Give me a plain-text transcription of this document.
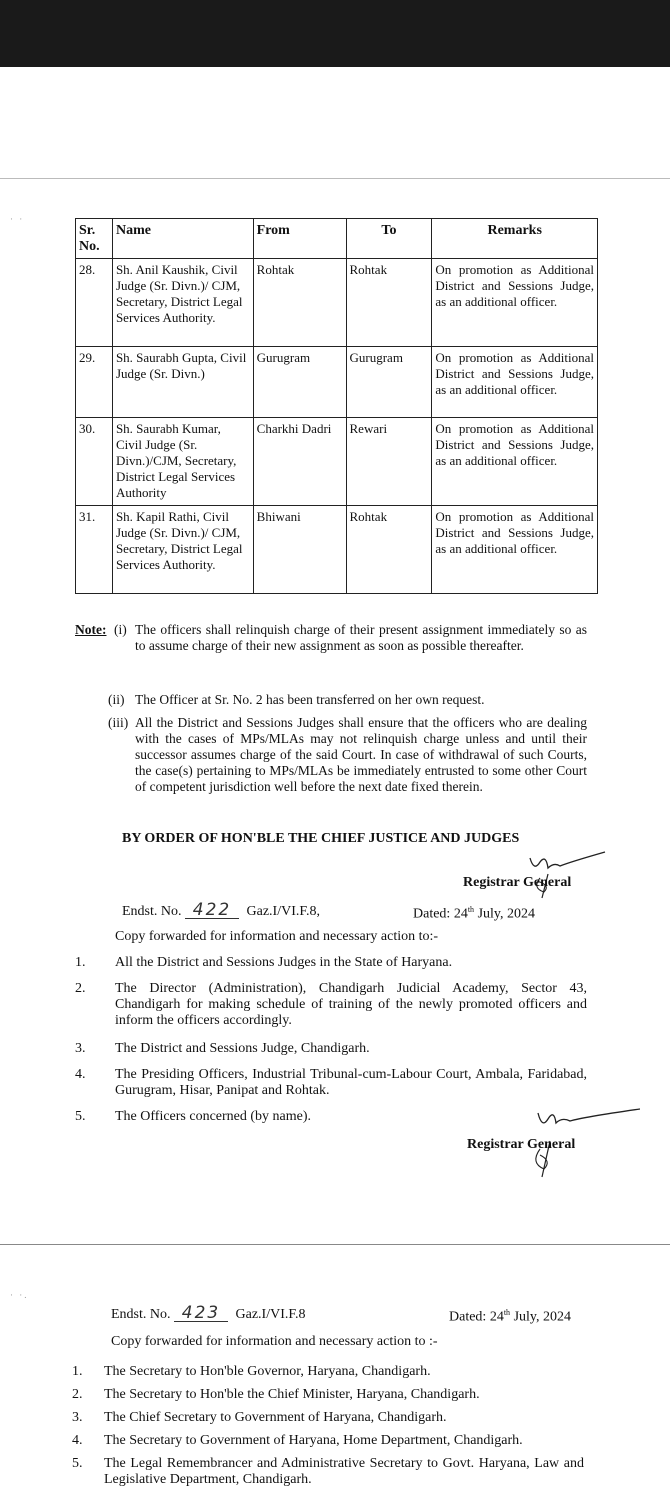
· ·
Sr. No.	Name	From	To	Remarks
28.	Sh. Anil Kaushik, Civil Judge (Sr. Divn.)/ CJM, Secretary, District Legal Services Authority.	Rohtak	Rohtak	On promotion as Additional District and Sessions Judge, as an additional officer.
29.	Sh. Saurabh Gupta, Civil Judge (Sr. Divn.)	Gurugram	Gurugram	On promotion as Additional District and Sessions Judge, as an additional officer.
30.	Sh. Saurabh Kumar, Civil Judge (Sr. Divn.)/CJM, Secretary, District Legal Services Authority	Charkhi Dadri	Rewari	On promotion as Additional District and Sessions Judge, as an additional officer.
31.	Sh. Kapil Rathi, Civil Judge (Sr. Divn.)/ CJM, Secretary, District Legal Services Authority.	Bhiwani	Rohtak	On promotion as Additional District and Sessions Judge, as an additional officer.
Note: (i) The officers shall relinquish charge of their present assignment immediately so as to assume charge of their new assignment as soon as possible thereafter.
(ii) The Officer at Sr. No. 2 has been transferred on her own request.
(iii) All the District and Sessions Judges shall ensure that the officers who are dealing with the cases of MPs/MLAs may not relinquish charge unless and until their successor assumes charge of the said Court. In case of withdrawal of such Courts, the case(s) pertaining to MPs/MLAs be immediately entrusted to some other Court of competent jurisdiction well before the next date fixed therein.
BY ORDER OF HON'BLE THE CHIEF JUSTICE AND JUDGES
Registrar General
Endst. No. 422 Gaz.I/VI.F.8,	Dated: 24th July, 2024
Copy forwarded for information and necessary action to:-
1. All the District and Sessions Judges in the State of Haryana.
2. The Director (Administration), Chandigarh Judicial Academy, Sector 43, Chandigarh for making schedule of training of the newly promoted officers and inform the officers accordingly.
3. The District and Sessions Judge, Chandigarh.
4. The Presiding Officers, Industrial Tribunal-cum-Labour Court, Ambala, Faridabad, Gurugram, Hisar, Panipat and Rohtak.
5. The Officers concerned (by name).
Registrar General
· ·.
Endst. No. 423 Gaz.I/VI.F.8	Dated: 24th July, 2024
Copy forwarded for information and necessary action to :-
1. The Secretary to Hon'ble Governor, Haryana, Chandigarh.
2. The Secretary to Hon'ble the Chief Minister, Haryana, Chandigarh.
3. The Chief Secretary to Government of Haryana, Chandigarh.
4. The Secretary to Government of Haryana, Home Department, Chandigarh.
5. The Legal Remembrancer and Administrative Secretary to Govt. Haryana, Law and Legislative Department, Chandigarh.
